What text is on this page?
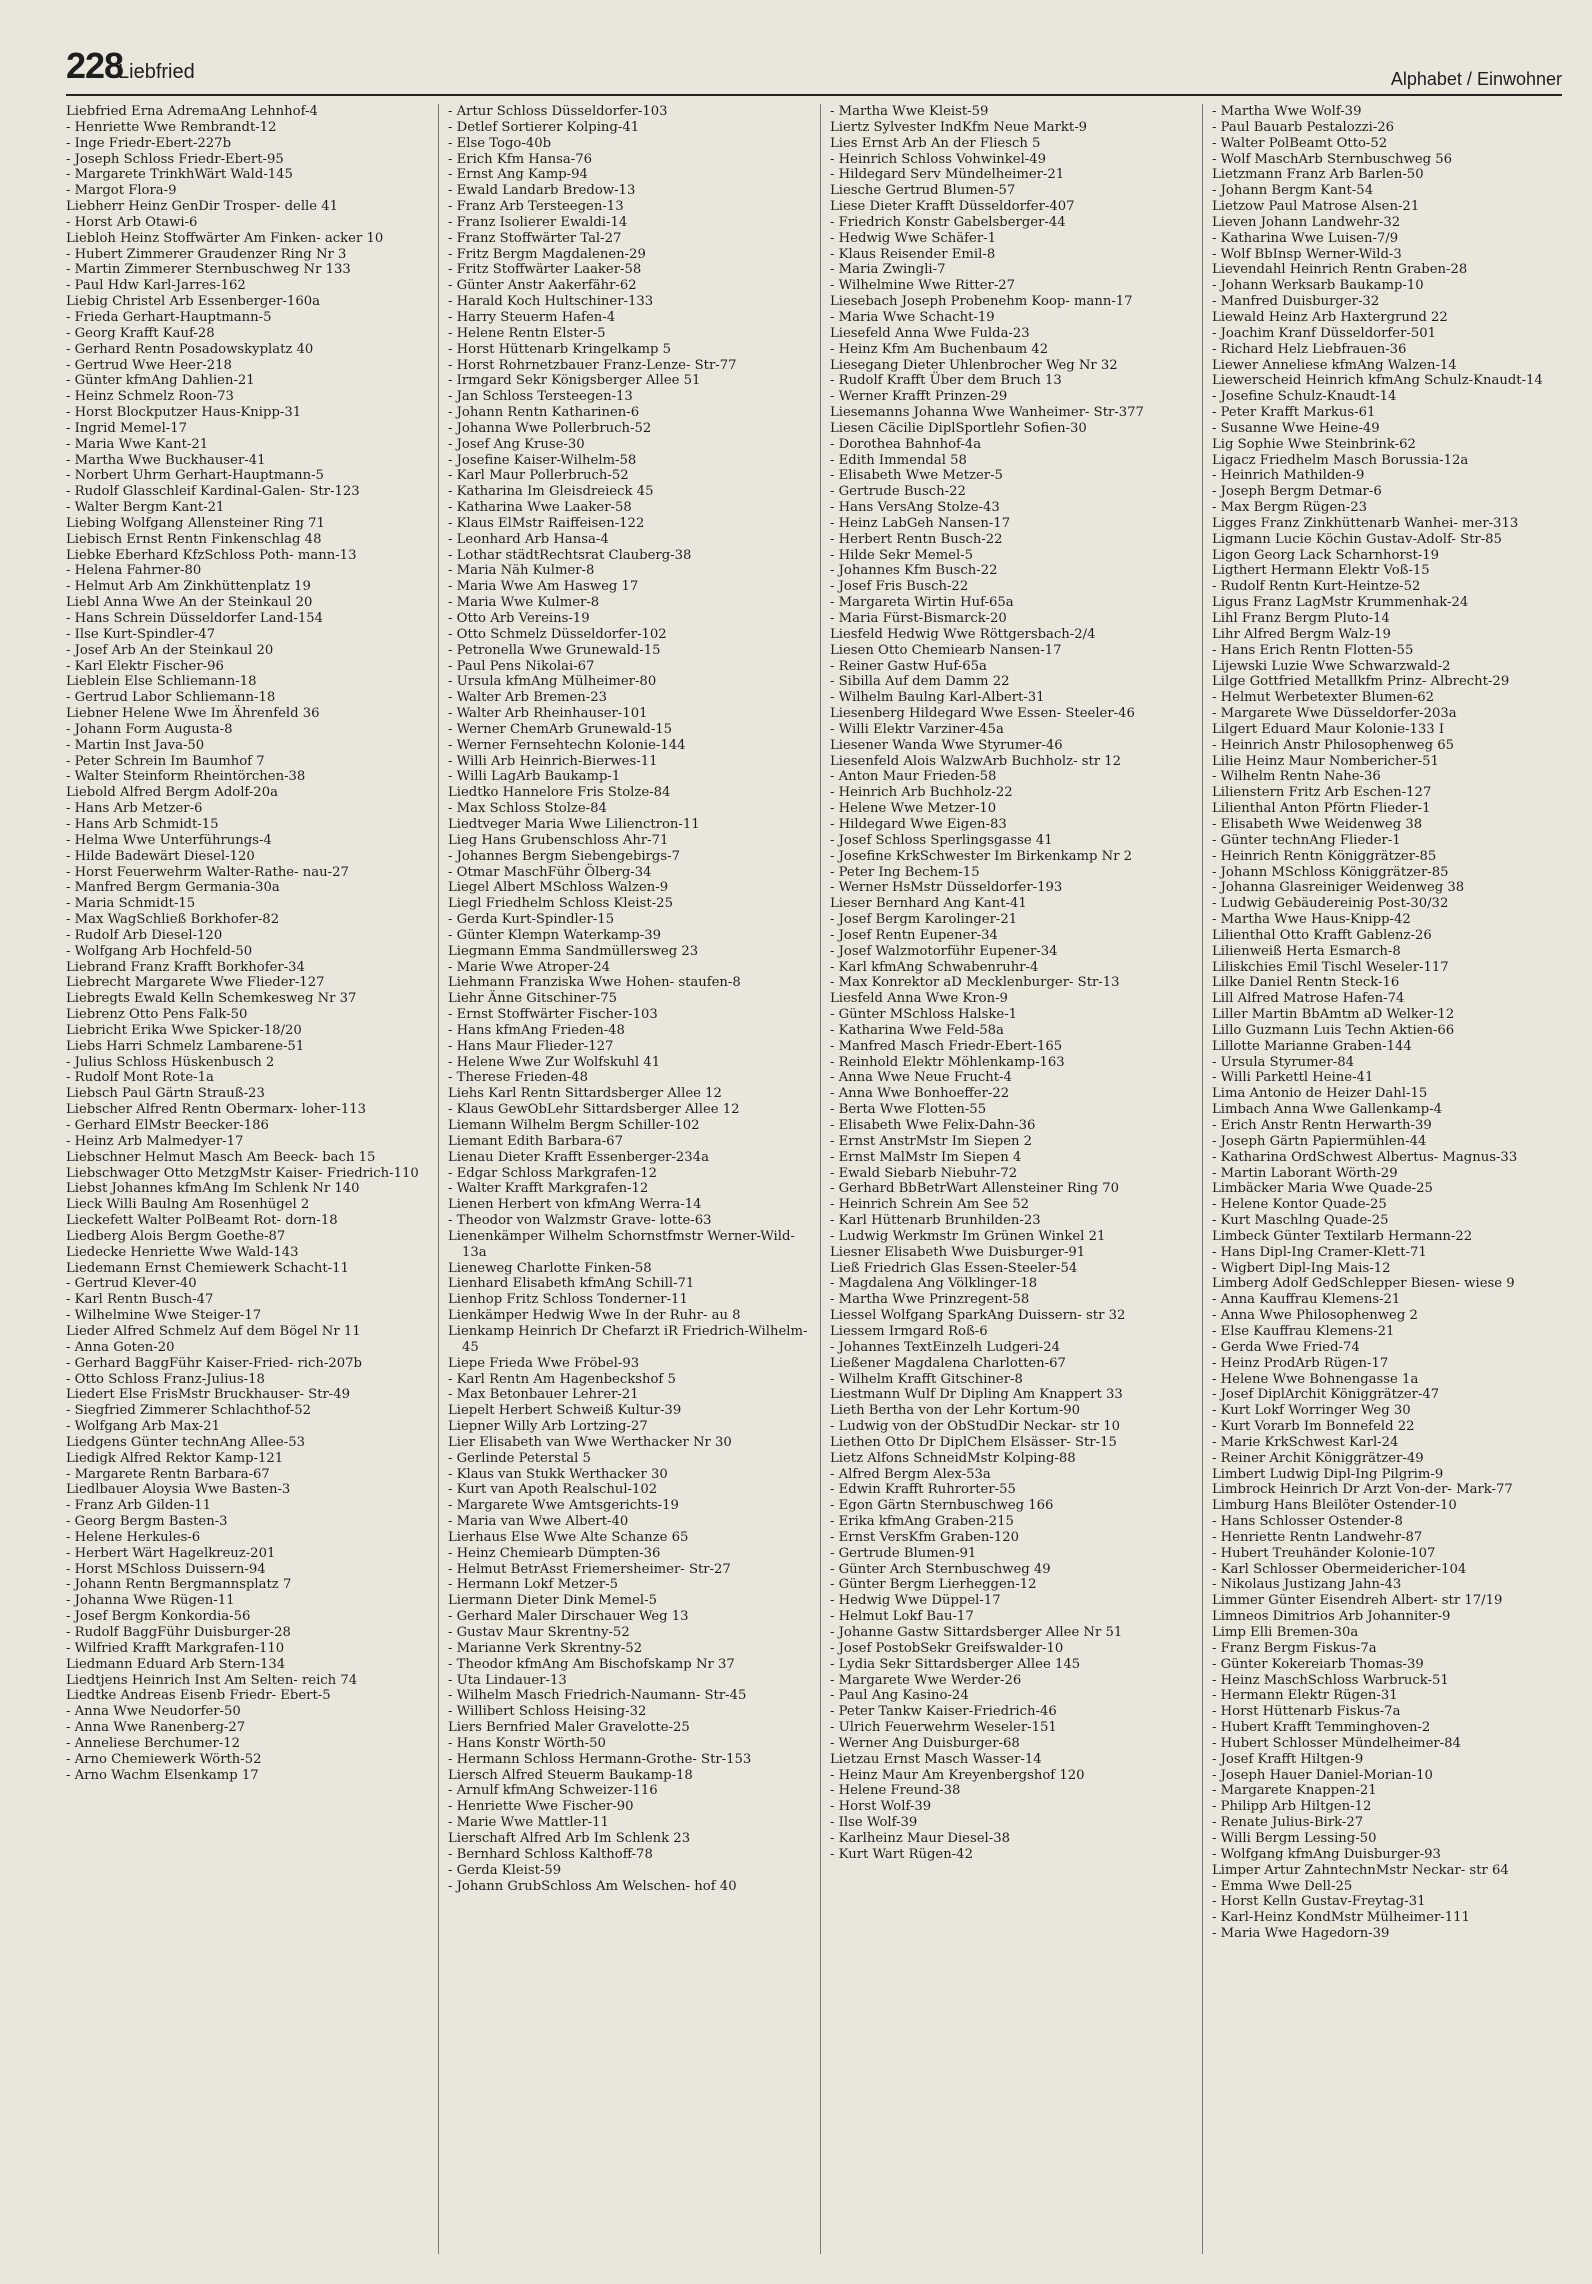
228
Liebfried	Alphabet / Einwohner
Liebfried Erna AdremaAng Lehnhof-4
- Henriette Wwe Rembrandt-12
- Inge Friedr-Ebert-227b
- Joseph Schloss Friedr-Ebert-95
- Margarete TrinkhWärt Wald-145
- Margot Flora-9
Liebherr Heinz GenDir Trosper- delle 41
- Horst Arb Otawi-6
Liebloh Heinz Stoffwärter Am Finken- acker 10
- Hubert Zimmerer Graudenzer Ring Nr 3
- Martin Zimmerer Sternbuschweg Nr 133
- Paul Hdw Karl-Jarres-162
Liebig Christel Arb Essenberger-160a
- Frieda Gerhart-Hauptmann-5
- Georg Krafft Kauf-28
- Gerhard Rentn Posadowskyplatz 40
- Gertrud Wwe Heer-218
- Günter kfmAng Dahlien-21
- Heinz Schmelz Roon-73
- Horst Blockputzer Haus-Knipp-31
- Ingrid Memel-17
- Maria Wwe Kant-21
- Martha Wwe Buckhauser-41
- Norbert Uhrm Gerhart-Hauptmann-5
- Rudolf Glasschleif Kardinal-Galen- Str-123
- Walter Bergm Kant-21
Liebing Wolfgang Allensteiner Ring 71
Liebisch Ernst Rentn Finkenschlag 48
Liebke Eberhard KfzSchloss Poth- mann-13
- Helena Fahrner-80
- Helmut Arb Am Zinkhüttenplatz 19
Liebl Anna Wwe An der Steinkaul 20
- Hans Schrein Düsseldorfer Land-154
- Ilse Kurt-Spindler-47
- Josef Arb An der Steinkaul 20
- Karl Elektr Fischer-96
Lieblein Else Schliemann-18
- Gertrud Labor Schliemann-18
Liebner Helene Wwe Im Ährenfeld 36
- Johann Form Augusta-8
- Martin Inst Java-50
- Peter Schrein Im Baumhof 7
- Walter Steinform Rheintörchen-38
Liebold Alfred Bergm Adolf-20a
- Hans Arb Metzer-6
- Hans Arb Schmidt-15
- Helma Wwe Unterführungs-4
- Hilde Badewärt Diesel-120
- Horst Feuerwehrm Walter-Rathe- nau-27
- Manfred Bergm Germania-30a
- Maria Schmidt-15
- Max WagSchließ Borkhofer-82
- Rudolf Arb Diesel-120
- Wolfgang Arb Hochfeld-50
Liebrand Franz Krafft Borkhofer-34
Liebrecht Margarete Wwe Flieder-127
Liebregts Ewald Kelln Schemkesweg Nr 37
Liebrenz Otto Pens Falk-50
Liebricht Erika Wwe Spicker-18/20
Liebs Harri Schmelz Lambarene-51
- Julius Schloss Hüskenbusch 2
- Rudolf Mont Rote-1a
Liebsch Paul Gärtn Strauß-23
Liebscher Alfred Rentn Obermarx- loher-113
- Gerhard ElMstr Beecker-186
- Heinz Arb Malmedyer-17
Liebschner Helmut Masch Am Beeck- bach 15
Liebschwager Otto MetzgMstr Kaiser- Friedrich-110
Liebst Johannes kfmAng Im Schlenk Nr 140
Lieck Willi Baulng Am Rosenhügel 2
Lieckefett Walter PolBeamt Rot- dorn-18
Liedberg Alois Bergm Goethe-87
Liedecke Henriette Wwe Wald-143
Liedemann Ernst Chemiewerk Schacht-11
- Gertrud Klever-40
- Karl Rentn Busch-47
- Wilhelmine Wwe Steiger-17
Lieder Alfred Schmelz Auf dem Bögel Nr 11
- Anna Goten-20
- Gerhard BaggFühr Kaiser-Fried- rich-207b
- Otto Schloss Franz-Julius-18
Liedert Else FrisMstr Bruckhauser- Str-49
- Siegfried Zimmerer Schlachthof-52
- Wolfgang Arb Max-21
Liedgens Günter technAng Allee-53
Liedigk Alfred Rektor Kamp-121
- Margarete Rentn Barbara-67
Liedlbauer Aloysia Wwe Basten-3
- Franz Arb Gilden-11
- Georg Bergm Basten-3
- Helene Herkules-6
- Herbert Wärt Hagelkreuz-201
- Horst MSchloss Duissern-94
- Johann Rentn Bergmannsplatz 7
- Johanna Wwe Rügen-11
- Josef Bergm Konkordia-56
- Rudolf BaggFühr Duisburger-28
- Wilfried Krafft Markgrafen-110
Liedmann Eduard Arb Stern-134
Liedtjens Heinrich Inst Am Selten- reich 74
Liedtke Andreas Eisenb Friedr- Ebert-5
- Anna Wwe Neudorfer-50
- Anna Wwe Ranenberg-27
- Anneliese Berchumer-12
- Arno Chemiewerk Wörth-52
- Arno Wachm Elsenkamp 17
- Artur Schloss Düsseldorfer-103
- Detlef Sortierer Kolping-41
- Else Togo-40b
- Erich Kfm Hansa-76
- Ernst Ang Kamp-94
- Ewald Landarb Bredow-13
- Franz Arb Tersteegen-13
- Franz Isolierer Ewaldi-14
- Franz Stoffwärter Tal-27
- Fritz Bergm Magdalenen-29
- Fritz Stoffwärter Laaker-58
- Günter Anstr Aakerfähr-62
- Harald Koch Hultschiner-133
- Harry Steuerm Hafen-4
- Helene Rentn Elster-5
- Horst Hüttenarb Kringelkamp 5
- Horst Rohrnetzbauer Franz-Lenze- Str-77
- Irmgard Sekr Königsberger Allee 51
- Jan Schloss Tersteegen-13
- Johann Rentn Katharinen-6
- Johanna Wwe Pollerbruch-52
- Josef Ang Kruse-30
- Josefine Kaiser-Wilhelm-58
- Karl Maur Pollerbruch-52
- Katharina Im Gleisdreieck 45
- Katharina Wwe Laaker-58
- Klaus ElMstr Raiffeisen-122
- Leonhard Arb Hansa-4
- Lothar städtRechtsrat Clauberg-38
- Maria Näh Kulmer-8
- Maria Wwe Am Hasweg 17
- Maria Wwe Kulmer-8
- Otto Arb Vereins-19
- Otto Schmelz Düsseldorfer-102
- Petronella Wwe Grunewald-15
- Paul Pens Nikolai-67
- Ursula kfmAng Mülheimer-80
- Walter Arb Bremen-23
- Walter Arb Rheinhauser-101
- Werner ChemArb Grunewald-15
- Werner Fernsehtechn Kolonie-144
- Willi Arb Heinrich-Bierwes-11
- Willi LagArb Baukamp-1
Liedtko Hannelore Fris Stolze-84
- Max Schloss Stolze-84
Liedtveger Maria Wwe Lilienctron-11
Lieg Hans Grubenschloss Ahr-71
- Johannes Bergm Siebengebirgs-7
- Otmar MaschFühr Ölberg-34
Liegel Albert MSchloss Walzen-9
Liegl Friedhelm Schloss Kleist-25
- Gerda Kurt-Spindler-15
- Günter Klempn Waterkamp-39
Liegmann Emma Sandmüllersweg 23
- Marie Wwe Atroper-24
Liehmann Franziska Wwe Hohen- staufen-8
Liehr Änne Gitschiner-75
- Ernst Stoffwärter Fischer-103
- Hans kfmAng Frieden-48
- Hans Maur Flieder-127
- Helene Wwe Zur Wolfskuhl 41
- Therese Frieden-48
Liehs Karl Rentn Sittardsberger Allee 12
- Klaus GewObLehr Sittardsberger Allee 12
Liemann Wilhelm Bergm Schiller-102
Liemant Edith Barbara-67
Lienau Dieter Krafft Essenberger-234a
- Edgar Schloss Markgrafen-12
- Walter Krafft Markgrafen-12
Lienen Herbert von kfmAng Werra-14
- Theodor von Walzmstr Grave- lotte-63
Lienenkämper Wilhelm Schornstfmstr Werner-Wild-13a
Lieneweg Charlotte Finken-58
Lienhard Elisabeth kfmAng Schill-71
Lienhop Fritz Schloss Tonderner-11
Lienkämper Hedwig Wwe In der Ruhr- au 8
Lienkamp Heinrich Dr Chefarzt iR Friedrich-Wilhelm-45
Liepe Frieda Wwe Fröbel-93
- Karl Rentn Am Hagenbeckshof 5
- Max Betonbauer Lehrer-21
Liepelt Herbert Schweiß Kultur-39
Liepner Willy Arb Lortzing-27
Lier Elisabeth van Wwe Werthacker Nr 30
- Gerlinde Peterstal 5
- Klaus van Stukk Werthacker 30
- Kurt van Apoth Realschul-102
- Margarete Wwe Amtsgerichts-19
- Maria van Wwe Albert-40
Lierhaus Else Wwe Alte Schanze 65
- Heinz Chemiearb Dümpten-36
- Helmut BetrAsst Friemersheimer- Str-27
- Hermann Lokf Metzer-5
Liermann Dieter Dink Memel-5
- Gerhard Maler Dirschauer Weg 13
- Gustav Maur Skrentny-52
- Marianne Verk Skrentny-52
- Theodor kfmAng Am Bischofskamp Nr 37
- Uta Lindauer-13
- Wilhelm Masch Friedrich-Naumann- Str-45
- Willibert Schloss Heising-32
Liers Bernfried Maler Gravelotte-25
- Hans Konstr Wörth-50
- Hermann Schloss Hermann-Grothe- Str-153
Liersch Alfred Steuerm Baukamp-18
- Arnulf kfmAng Schweizer-116
- Henriette Wwe Fischer-90
- Marie Wwe Mattler-11
Lierschaft Alfred Arb Im Schlenk 23
- Bernhard Schloss Kalthoff-78
- Gerda Kleist-59
- Johann GrubSchloss Am Welschen- hof 40
- Martha Wwe Kleist-59
Liertz Sylvester IndKfm Neue Markt-9
Lies Ernst Arb An der Fliesch 5
- Heinrich Schloss Vohwinkel-49
- Hildegard Serv Mündelheimer-21
Liesche Gertrud Blumen-57
Liese Dieter Krafft Düsseldorfer-407
- Friedrich Konstr Gabelsberger-44
- Hedwig Wwe Schäfer-1
- Klaus Reisender Emil-8
- Maria Zwingli-7
- Wilhelmine Wwe Ritter-27
Liesebach Joseph Probenehm Koop- mann-17
- Maria Wwe Schacht-19
Liesefeld Anna Wwe Fulda-23
- Heinz Kfm Am Buchenbaum 42
Liesegang Dieter Uhlenbrocher Weg Nr 32
- Rudolf Krafft Über dem Bruch 13
- Werner Krafft Prinzen-29
Liesemanns Johanna Wwe Wanheimer- Str-377
Liesen Cäcilie DiplSportlehr Sofien-30
- Dorothea Bahnhof-4a
- Edith Immendal 58
- Elisabeth Wwe Metzer-5
- Gertrude Busch-22
- Hans VersAng Stolze-43
- Heinz LabGeh Nansen-17
- Herbert Rentn Busch-22
- Hilde Sekr Memel-5
- Johannes Kfm Busch-22
- Josef Fris Busch-22
- Margareta Wirtin Huf-65a
- Maria Fürst-Bismarck-20
Liesfeld Hedwig Wwe Röttgersbach-2/4
Liesen Otto Chemiearb Nansen-17
- Reiner Gastw Huf-65a
- Sibilla Auf dem Damm 22
- Wilhelm Baulng Karl-Albert-31
Liesenberg Hildegard Wwe Essen- Steeler-46
- Willi Elektr Varziner-45a
Liesener Wanda Wwe Styrumer-46
Liesenfeld Alois WalzwArb Buchholz- str 12
- Anton Maur Frieden-58
- Heinrich Arb Buchholz-22
- Helene Wwe Metzer-10
- Hildegard Wwe Eigen-83
- Josef Schloss Sperlingsgasse 41
- Josefine KrkSchwester Im Birkenkamp Nr 2
- Peter Ing Bechem-15
- Werner HsMstr Düsseldorfer-193
Lieser Bernhard Ang Kant-41
- Josef Bergm Karolinger-21
- Josef Rentn Eupener-34
- Josef Walzmotorführ Eupener-34
- Karl kfmAng Schwabenruhr-4
- Max Konrektor aD Mecklenburger- Str-13
Liesfeld Anna Wwe Kron-9
- Günter MSchloss Halske-1
- Katharina Wwe Feld-58a
- Manfred Masch Friedr-Ebert-165
- Reinhold Elektr Möhlenkamp-163
- Anna Wwe Neue Frucht-4
- Anna Wwe Bonhoeffer-22
- Berta Wwe Flotten-55
- Elisabeth Wwe Felix-Dahn-36
- Ernst AnstrMstr Im Siepen 2
- Ernst MalMstr Im Siepen 4
- Ewald Siebarb Niebuhr-72
- Gerhard BbBetrWart Allensteiner Ring 70
- Heinrich Schrein Am See 52
- Karl Hüttenarb Brunhilden-23
- Ludwig Werkmstr Im Grünen Winkel 21
Liesner Elisabeth Wwe Duisburger-91
Ließ Friedrich Glas Essen-Steeler-54
- Magdalena Ang Völklinger-18
- Martha Wwe Prinzregent-58
Liessel Wolfgang SparkAng Duissern- str 32
Liessem Irmgard Roß-6
- Johannes TextEinzelh Ludgeri-24
Ließener Magdalena Charlotten-67
- Wilhelm Krafft Gitschiner-8
Liestmann Wulf Dr Dipling Am Knappert 33
Lieth Bertha von der Lehr Kortum-90
- Ludwig von der ObStudDir Neckar- str 10
Liethen Otto Dr DiplChem Elsässer- Str-15
Lietz Alfons SchneidMstr Kolping-88
- Alfred Bergm Alex-53a
- Edwin Krafft Ruhrorter-55
- Egon Gärtn Sternbuschweg 166
- Erika kfmAng Graben-215
- Ernst VersKfm Graben-120
- Gertrude Blumen-91
- Günter Arch Sternbuschweg 49
- Günter Bergm Lierheggen-12
- Hedwig Wwe Düppel-17
- Helmut Lokf Bau-17
- Johanne Gastw Sittardsberger Allee Nr 51
- Josef PostobSekr Greifswalder-10
- Lydia Sekr Sittardsberger Allee 145
- Margarete Wwe Werder-26
- Paul Ang Kasino-24
- Peter Tankw Kaiser-Friedrich-46
- Ulrich Feuerwehrm Weseler-151
- Werner Ang Duisburger-68
Lietzau Ernst Masch Wasser-14
- Heinz Maur Am Kreyenbergshof 120
- Helene Freund-38
- Horst Wolf-39
- Ilse Wolf-39
- Karlheinz Maur Diesel-38
- Kurt Wart Rügen-42
- Martha Wwe Wolf-39
- Paul Bauarb Pestalozzi-26
- Walter PolBeamt Otto-52
- Wolf MaschArb Sternbuschweg 56
Lietzmann Franz Arb Barlen-50
- Johann Bergm Kant-54
Lietzow Paul Matrose Alsen-21
Lieven Johann Landwehr-32
- Katharina Wwe Luisen-7/9
- Wolf BbInsp Werner-Wild-3
Lievendahl Heinrich Rentn Graben-28
- Johann Werksarb Baukamp-10
- Manfred Duisburger-32
Liewald Heinz Arb Haxtergrund 22
- Joachim Kranf Düsseldorfer-501
- Richard Helz Liebfrauen-36
Liewer Anneliese kfmAng Walzen-14
Liewerscheid Heinrich kfmAng Schulz-Knaudt-14
- Josefine Schulz-Knaudt-14
- Peter Krafft Markus-61
- Susanne Wwe Heine-49
Lig Sophie Wwe Steinbrink-62
Ligacz Friedhelm Masch Borussia-12a
- Heinrich Mathilden-9
- Joseph Bergm Detmar-6
- Max Bergm Rügen-23
Ligges Franz Zinkhüttenarb Wanhei- mer-313
Ligmann Lucie Köchin Gustav-Adolf- Str-85
Ligon Georg Lack Scharnhorst-19
Ligthert Hermann Elektr Voß-15
- Rudolf Rentn Kurt-Heintze-52
Ligus Franz LagMstr Krummenhak-24
Lihl Franz Bergm Pluto-14
Lihr Alfred Bergm Walz-19
- Hans Erich Rentn Flotten-55
Lijewski Luzie Wwe Schwarzwald-2
Lilge Gottfried Metallkfm Prinz- Albrecht-29
- Helmut Werbetexter Blumen-62
- Margarete Wwe Düsseldorfer-203a
Lilgert Eduard Maur Kolonie-133 I
- Heinrich Anstr Philosophenweg 65
Lilie Heinz Maur Nombericher-51
- Wilhelm Rentn Nahe-36
Lilienstern Fritz Arb Eschen-127
Lilienthal Anton Pförtn Flieder-1
- Elisabeth Wwe Weidenweg 38
- Günter technAng Flieder-1
- Heinrich Rentn Königgrätzer-85
- Johann MSchloss Königgrätzer-85
- Johanna Glasreiniger Weidenweg 38
- Ludwig Gebäudereinig Post-30/32
- Martha Wwe Haus-Knipp-42
Lilienthal Otto Krafft Gablenz-26
Lilienweiß Herta Esmarch-8
Liliskchies Emil Tischl Weseler-117
Lilke Daniel Rentn Steck-16
Lill Alfred Matrose Hafen-74
Liller Martin BbAmtm aD Welker-12
Lillo Guzmann Luis Techn Aktien-66
Lillotte Marianne Graben-144
- Ursula Styrumer-84
- Willi Parkettl Heine-41
Lima Antonio de Heizer Dahl-15
Limbach Anna Wwe Gallenkamp-4
- Erich Anstr Rentn Herwarth-39
- Joseph Gärtn Papiermühlen-44
- Katharina OrdSchwest Albertus- Magnus-33
- Martin Laborant Wörth-29
Limbäcker Maria Wwe Quade-25
- Helene Kontor Quade-25
- Kurt Maschlng Quade-25
Limbeck Günter Textilarb Hermann-22
- Hans Dipl-Ing Cramer-Klett-71
- Wigbert Dipl-Ing Mais-12
Limberg Adolf GedSchlepper Biesen- wiese 9
- Anna Kauffrau Klemens-21
- Anna Wwe Philosophenweg 2
- Else Kauffrau Klemens-21
- Gerda Wwe Fried-74
- Heinz ProdArb Rügen-17
- Helene Wwe Bohnengasse 1a
- Josef DiplArchit Königgrätzer-47
- Kurt Lokf Worringer Weg 30
- Kurt Vorarb Im Bonnefeld 22
- Marie KrkSchwest Karl-24
- Reiner Archit Königgrätzer-49
Limbert Ludwig Dipl-Ing Pilgrim-9
Limbrock Heinrich Dr Arzt Von-der- Mark-77
Limburg Hans Bleilöter Ostender-10
- Hans Schlosser Ostender-8
- Henriette Rentn Landwehr-87
- Hubert Treuhänder Kolonie-107
- Karl Schlosser Obermeidericher-104
- Nikolaus Justizang Jahn-43
Limmer Günter Eisendreh Albert- str 17/19
Limneos Dimitrios Arb Johanniter-9
Limp Elli Bremen-30a
- Franz Bergm Fiskus-7a
- Günter Kokereiarb Thomas-39
- Heinz MaschSchloss Warbruck-51
- Hermann Elektr Rügen-31
- Horst Hüttenarb Fiskus-7a
- Hubert Krafft Temminghoven-2
- Hubert Schlosser Mündelheimer-84
- Josef Krafft Hiltgen-9
- Joseph Hauer Daniel-Morian-10
- Margarete Knappen-21
- Philipp Arb Hiltgen-12
- Renate Julius-Birk-27
- Willi Bergm Lessing-50
- Wolfgang kfmAng Duisburger-93
Limper Artur ZahntechnMstr Neckar- str 64
- Emma Wwe Dell-25
- Horst Kelln Gustav-Freytag-31
- Karl-Heinz KondMstr Mülheimer-111
- Maria Wwe Hagedorn-39
